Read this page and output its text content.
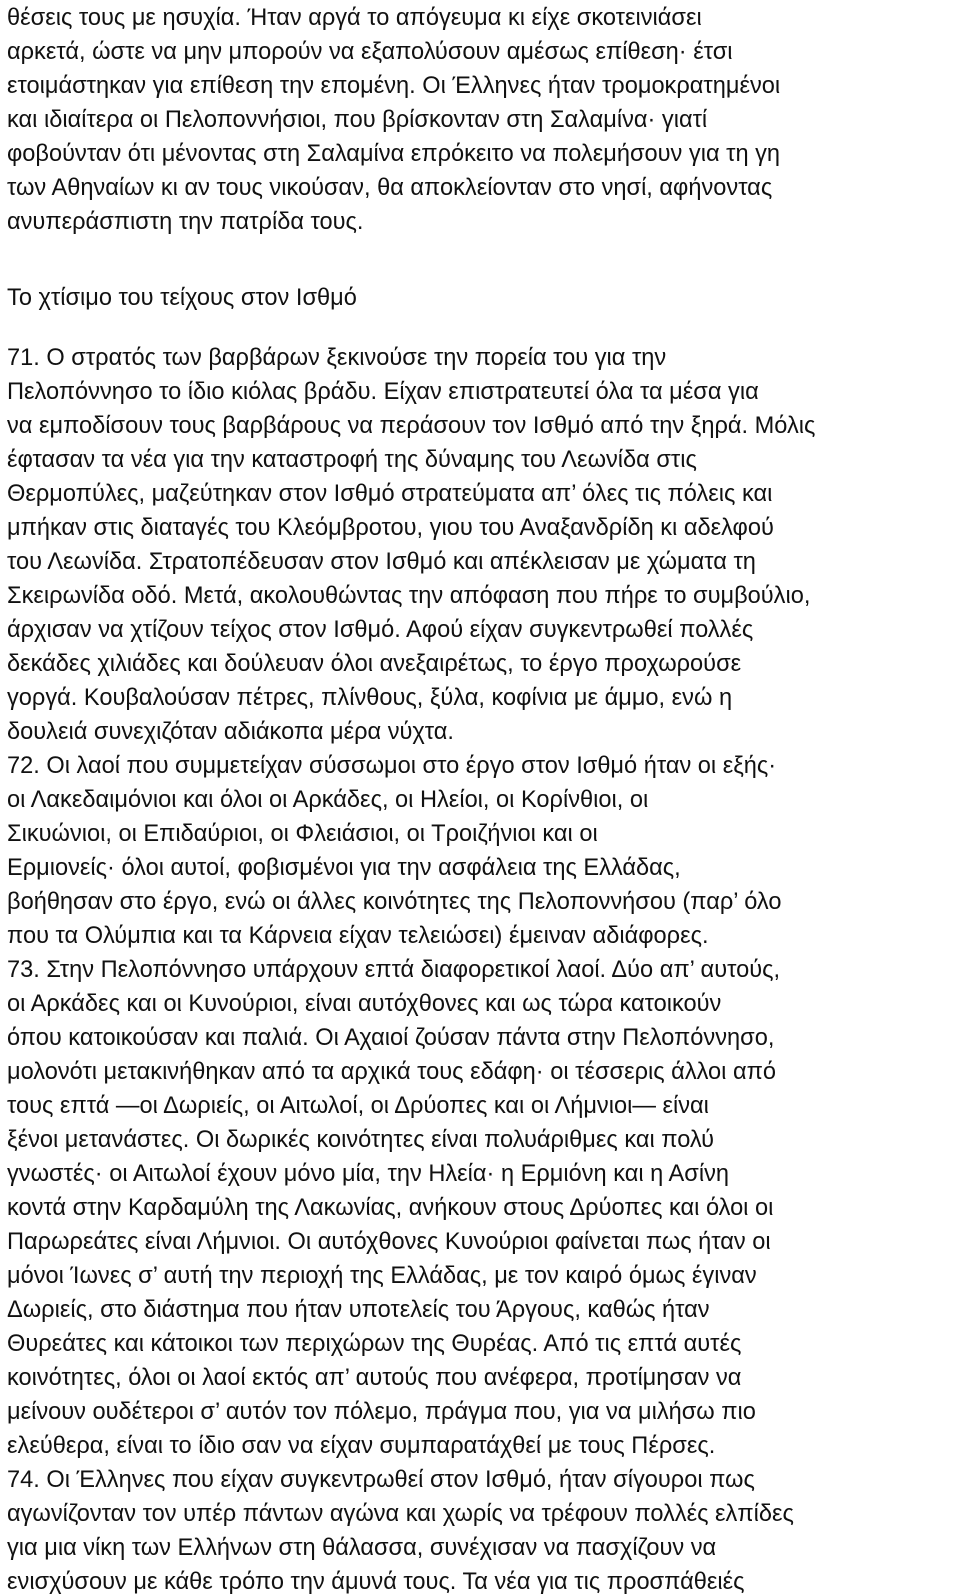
θέσεις τους με ησυχία. Ήταν αργά το απόγευμα κι είχε σκοτεινιάσει
αρκετά, ώστε να μην μπορούν να εξαπολύσουν αμέσως επίθεση· έτσι
ετοιμάστηκαν για επίθεση την επομένη. Οι Έλληνες ήταν τρομοκρατημένοι
και ιδιαίτερα οι Πελοποννήσιοι, που βρίσκονταν στη Σαλαμίνα· γιατί
φοβούνταν ότι μένοντας στη Σαλαμίνα επρόκειτο να πολεμήσουν για τη γη
των Αθηναίων κι αν τους νικούσαν, θα αποκλείονταν στο νησί, αφήνοντας
ανυπεράσπιστη την πατρίδα τους.
Το χτίσιμο του τείχους στον Ισθμό
71. Ο στρατός των βαρβάρων ξεκινούσε την πορεία του για την
Πελοπόννησο το ίδιο κιόλας βράδυ. Είχαν επιστρατευτεί όλα τα μέσα για
να εμποδίσουν τους βαρβάρους να περάσουν τον Ισθμό από την ξηρά. Μόλις
έφτασαν τα νέα για την καταστροφή της δύναμης του Λεωνίδα στις
Θερμοπύλες, μαζεύτηκαν στον Ισθμό στρατεύματα απ’ όλες τις πόλεις και
μπήκαν στις διαταγές του Κλεόμβροτου, γιου του Αναξανδρίδη κι αδελφού
του Λεωνίδα. Στρατοπέδευσαν στον Ισθμό και απέκλεισαν με χώματα τη
Σκειρωνίδα οδό. Μετά, ακολουθώντας την απόφαση που πήρε το συμβούλιο,
άρχισαν να χτίζουν τείχος στον Ισθμό. Αφού είχαν συγκεντρωθεί πολλές
δεκάδες χιλιάδες και δούλευαν όλοι ανεξαιρέτως, το έργο προχωρούσε
γοργά. Κουβαλούσαν πέτρες, πλίνθους, ξύλα, κοφίνια με άμμο, ενώ η
δουλειά συνεχιζόταν αδιάκοπα μέρα νύχτα.
72. Οι λαοί που συμμετείχαν σύσσωμοι στο έργο στον Ισθμό ήταν οι εξής·
οι Λακεδαιμόνιοι και όλοι οι Αρκάδες, οι Ηλείοι, οι Κορίνθιοι, οι
Σικυώνιοι, οι Επιδαύριοι, οι Φλειάσιοι, οι Τροιζήνιοι και οι
Ερμιονείς· όλοι αυτοί, φοβισμένοι για την ασφάλεια της Ελλάδας,
βοήθησαν στο έργο, ενώ οι άλλες κοινότητες της Πελοποννήσου (παρ’ όλο
που τα Ολύμπια και τα Κάρνεια είχαν τελειώσει) έμειναν αδιάφορες.
73. Στην Πελοπόννησο υπάρχουν επτά διαφορετικοί λαοί. Δύο απ’ αυτούς,
οι Αρκάδες και οι Κυνούριοι, είναι αυτόχθονες και ως τώρα κατοικούν
όπου κατοικούσαν και παλιά. Οι Αχαιοί ζούσαν πάντα στην Πελοπόννησο,
μολονότι μετακινήθηκαν από τα αρχικά τους εδάφη· οι τέσσερις άλλοι από
τους επτά —οι Δωριείς, οι Αιτωλοί, οι Δρύοπες και οι Λήμνιοι— είναι
ξένοι μετανάστες. Οι δωρικές κοινότητες είναι πολυάριθμες και πολύ
γνωστές· οι Αιτωλοί έχουν μόνο μία, την Ηλεία· η Ερμιόνη και η Ασίνη
κοντά στην Καρδαμύλη της Λακωνίας, ανήκουν στους Δρύοπες και όλοι οι
Παρωρεάτες είναι Λήμνιοι. Οι αυτόχθονες Κυνούριοι φαίνεται πως ήταν οι
μόνοι Ίωνες σ’ αυτή την περιοχή της Ελλάδας, με τον καιρό όμως έγιναν
Δωριείς, στο διάστημα που ήταν υποτελείς του Άργους, καθώς ήταν
Θυρεάτες και κάτοικοι των περιχώρων της Θυρέας. Από τις επτά αυτές
κοινότητες, όλοι οι λαοί εκτός απ’ αυτούς που ανέφερα, προτίμησαν να
μείνουν ουδέτεροι σ’ αυτόν τον πόλεμο, πράγμα που, για να μιλήσω πιο
ελεύθερα, είναι το ίδιο σαν να είχαν συμπαρατάχθεί με τους Πέρσες.
74. Οι Έλληνες που είχαν συγκεντρωθεί στον Ισθμό, ήταν σίγουροι πως
αγωνίζονταν τον υπέρ πάντων αγώνα και χωρίς να τρέφουν πολλές ελπίδες
για μια νίκη των Ελλήνων στη θάλασσα, συνέχισαν να πασχίζουν να
ενισχύσουν με κάθε τρόπο την άμυνά τους. Τα νέα για τις προσπάθειές
